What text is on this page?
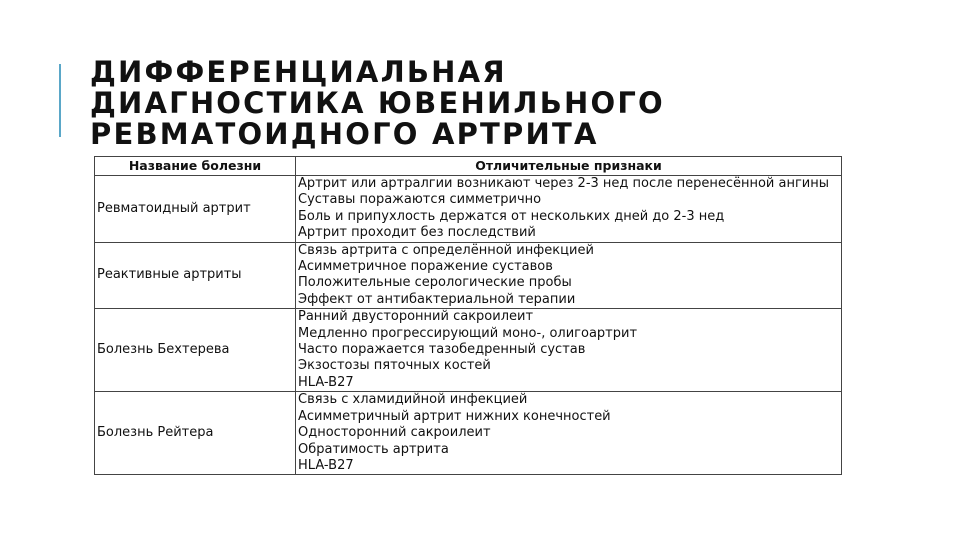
ДИФФЕРЕНЦИАЛЬНАЯ
ДИАГНОСТИКА ЮВЕНИЛЬНОГО
РЕВМАТОИДНОГО АРТРИТА
Название болезни	Отличительные признаки
Ревматоидный артрит	Артрит или артралгии возникают через 2-3 нед после перенесённой ангины
Суставы поражаются симметрично
Боль и припухлость держатся от нескольких дней до 2-3 нед
Артрит проходит без последствий

Реактивные артриты	Связь артрита с определённой инфекцией
Асимметричное поражение суставов
Положительные серологические пробы
Эффект от антибактериальной терапии

Болезнь Бехтерева	Ранний двусторонний сакроилеит
Медленно прогрессирующий моно-, олигоартрит
Часто поражается тазобедренный сустав
Экзостозы пяточных костей
HLA-B27

Болезнь Рейтера	Связь с хламидийной инфекцией
Асимметричный артрит нижних конечностей
Односторонний сакроилеит
Обратимость артрита
HLA-B27
